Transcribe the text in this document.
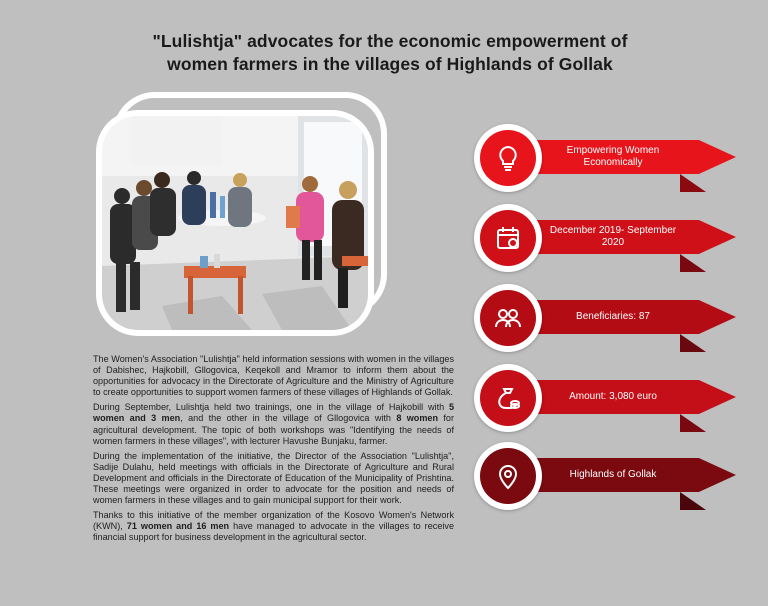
"Lulishtja" advocates for the economic empowerment of
women farmers in the villages of Highlands of Gollak

The Women's Association "Lulishtja" held information sessions with women in the villages of Dabishec, Hajkobill, Gllogovica, Keqekoll and Mramor to inform them about the opportunities for advocacy in the Directorate of Agriculture and the Ministry of Agriculture to create opportunities to support women farmers of these villages of Highlands of Gollak.

During September, Lulishtja held two trainings, one in the village of Hajkobill with 5 women and 3 men, and the other in the village of Gllogovica with 8 women for agricultural development. The topic of both workshops was "Identifying the needs of women farmers in these villages", with lecturer Havushe Bunjaku, farmer.

During the implementation of the initiative, the Director of the Association "Lulishtja", Sadije Dulahu, held meetings with officials in the Directorate of Agriculture and Rural Development and officials in the Directorate of Education of the Municipality of Prishtina. These meetings were organized in order to advocate for the position and needs of women farmers in these villages and to gain municipal support for their work.

Thanks to this initiative of the member organization of the Kosovo Women's Network (KWN), 71 women and 16 men have managed to advocate in the villages to receive financial support for business development in the agricultural sector.

Empowering Women Economically
December 2019- September 2020
Beneficiaries: 87
Amount: 3,080 euro
Highlands of Gollak
